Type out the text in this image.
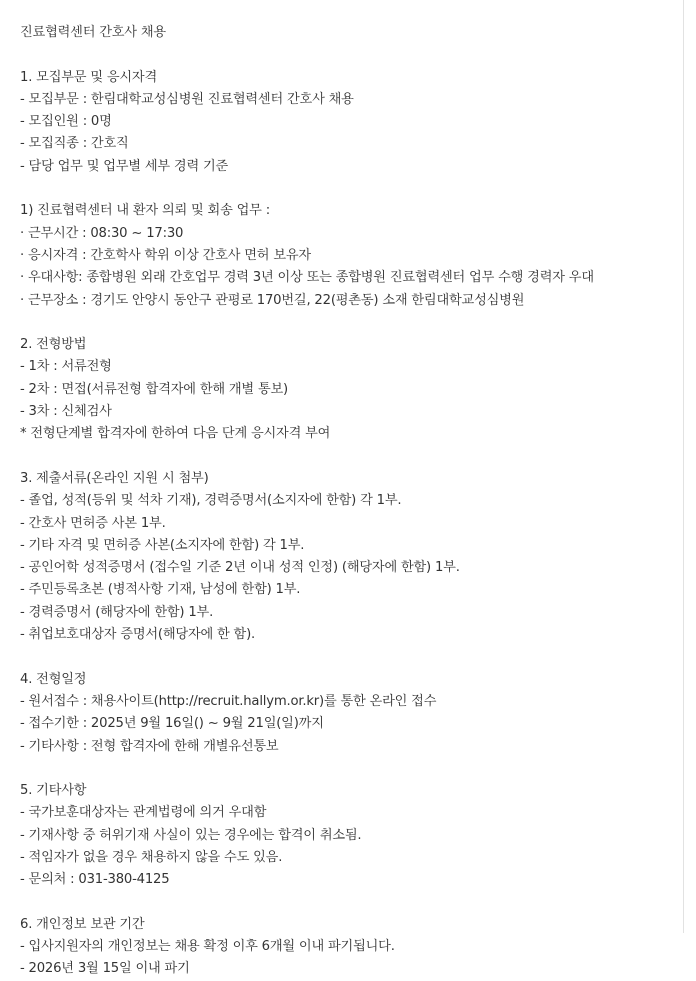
진료협력센터 간호사 채용
1. 모집부문 및 응시자격
- 모집부문 : 한림대학교성심병원 진료협력센터 간호사 채용
- 모집인원 : 0명
- 모집직종 : 간호직
- 담당 업무 및 업무별 세부 경력 기준
1) 진료협력센터 내 환자 의뢰 및 회송 업무 :
· 근무시간 : 08:30 ~ 17:30
· 응시자격 : 간호학사 학위 이상 간호사 면허 보유자
· 우대사항: 종합병원 외래 간호업무 경력 3년 이상 또는 종합병원 진료협력센터 업무 수행 경력자 우대
· 근무장소 : 경기도 안양시 동안구 관평로 170번길, 22(평촌동) 소재 한림대학교성심병원
2. 전형방법
- 1차 : 서류전형
- 2차 : 면접(서류전형 합격자에 한해 개별 통보)
- 3차 : 신체검사
* 전형단계별 합격자에 한하여 다음 단계 응시자격 부여
3. 제출서류(온라인 지원 시 첨부)
- 졸업, 성적(등위 및 석차 기재), 경력증명서(소지자에 한함) 각 1부.
- 간호사 면허증 사본 1부.
- 기타 자격 및 면허증 사본(소지자에 한함) 각 1부.
- 공인어학 성적증명서 (접수일 기준 2년 이내 성적 인정) (해당자에 한함) 1부.
- 주민등록초본 (병적사항 기재, 남성에 한함) 1부.
- 경력증명서 (해당자에 한함) 1부.
- 취업보호대상자 증명서(해당자에 한 함).
4. 전형일정
- 원서접수 : 채용사이트(http://recruit.hallym.or.kr)를 통한 온라인 접수
- 접수기한 : 2025년 9월 16일() ~ 9월 21일(일)까지
- 기타사항 : 전형 합격자에 한해 개별유선통보
5. 기타사항
- 국가보훈대상자는 관계법령에 의거 우대함
- 기재사항 중 허위기재 사실이 있는 경우에는 합격이 취소됨.
- 적임자가 없을 경우 채용하지 않을 수도 있음.
- 문의처 : 031-380-4125
6. 개인정보 보관 기간
- 입사지원자의 개인정보는 채용 확정 이후 6개월 이내 파기됩니다.
- 2026년 3월 15일 이내 파기
